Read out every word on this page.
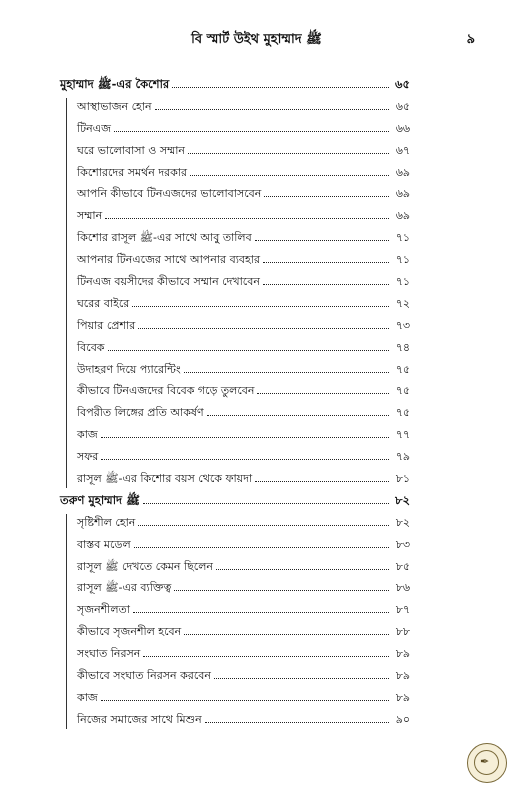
বি স্মার্ট উইথ মুহাম্মাদ ﷺ	৯
মুহাম্মাদ ﷺ-এর কৈশোর	৬৫
আস্থাভাজন হোন	৬৫
টিনএজ	৬৬
ঘরে ভালোবাসা ও সম্মান	৬৭
কিশোরদের সমর্থন দরকার	৬৯
আপনি কীভাবে টিনএজদের ভালোবাসবেন	৬৯
সম্মান	৬৯
কিশোর রাসূল ﷺ-এর সাথে আবু তালিব	৭১
আপনার টিনএজের সাথে আপনার ব্যবহার	৭১
টিনএজ বয়সীদের কীভাবে সম্মান দেখাবেন	৭১
ঘরের বাইরে	৭২
পিয়ার প্রেশার	৭৩
বিবেক	৭৪
উদাহরণ দিয়ে প্যারেন্টিং	৭৫
কীভাবে টিনএজদের বিবেক গড়ে তুলবেন	৭৫
বিপরীত লিঙ্গের প্রতি আকর্ষণ	৭৫
কাজ	৭৭
সফর	৭৯
রাসূল ﷺ-এর কিশোর বয়স থেকে ফায়দা	৮১
তরুণ মুহাম্মাদ ﷺ	৮২
সৃষ্টিশীল হোন	৮২
বাস্তব মডেল	৮৩
রাসূল ﷺ দেখতে কেমন ছিলেন	৮৫
রাসূল ﷺ-এর ব্যক্তিত্ব	৮৬
সৃজনশীলতা	৮৭
কীভাবে সৃজনশীল হবেন	৮৮
সংঘাত নিরসন	৮৯
কীভাবে সংঘাত নিরসন করবেন	৮৯
কাজ	৮৯
নিজের সমাজের সাথে মিশুন	৯০
✒
